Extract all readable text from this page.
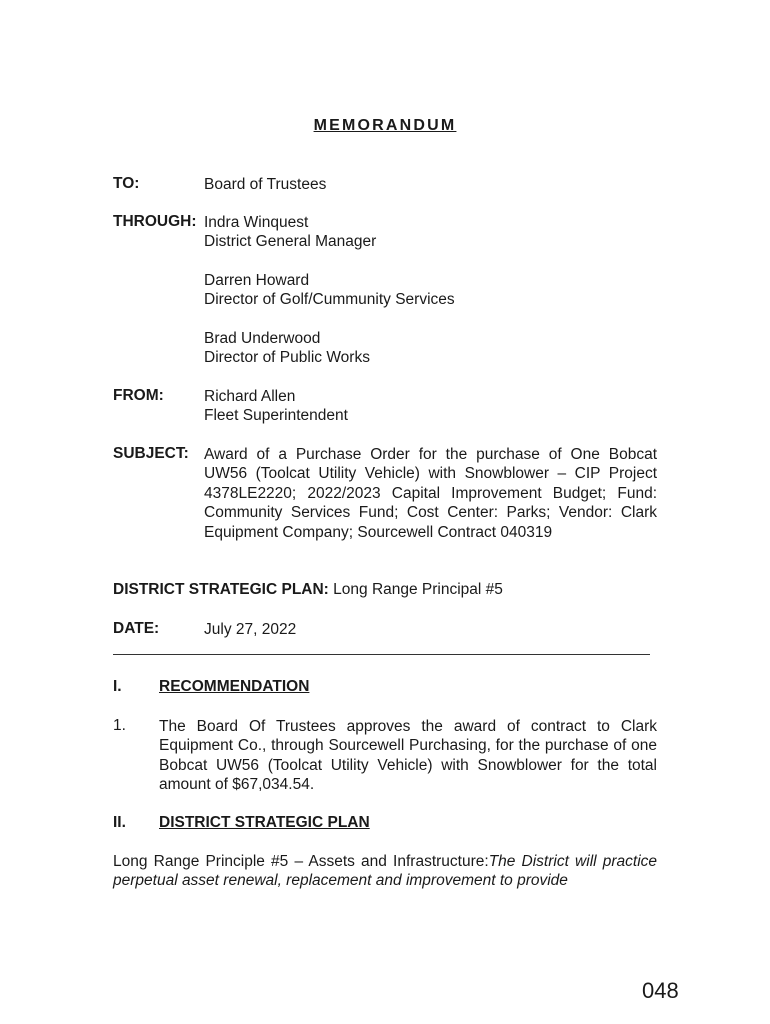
MEMORANDUM
TO:	Board of Trustees
THROUGH: Indra Winquest
District General Manager
Darren Howard
Director of Golf/Cummunity Services
Brad Underwood
Director of Public Works
FROM:	Richard Allen
Fleet Superintendent
SUBJECT: Award of a Purchase Order for the purchase of One Bobcat UW56 (Toolcat Utility Vehicle) with Snowblower – CIP Project 4378LE2220; 2022/2023 Capital Improvement Budget; Fund: Community Services Fund; Cost Center: Parks; Vendor: Clark Equipment Company; Sourcewell Contract 040319
DISTRICT STRATEGIC PLAN: Long Range Principal #5
DATE:	July 27, 2022
I. RECOMMENDATION
1. The Board Of Trustees approves the award of contract to Clark Equipment Co., through Sourcewell Purchasing, for the purchase of one Bobcat UW56 (Toolcat Utility Vehicle) with Snowblower for the total amount of $67,034.54.
II. DISTRICT STRATEGIC PLAN
Long Range Principle #5 – Assets and Infrastructure:The District will practice perpetual asset renewal, replacement and improvement to provide
048
